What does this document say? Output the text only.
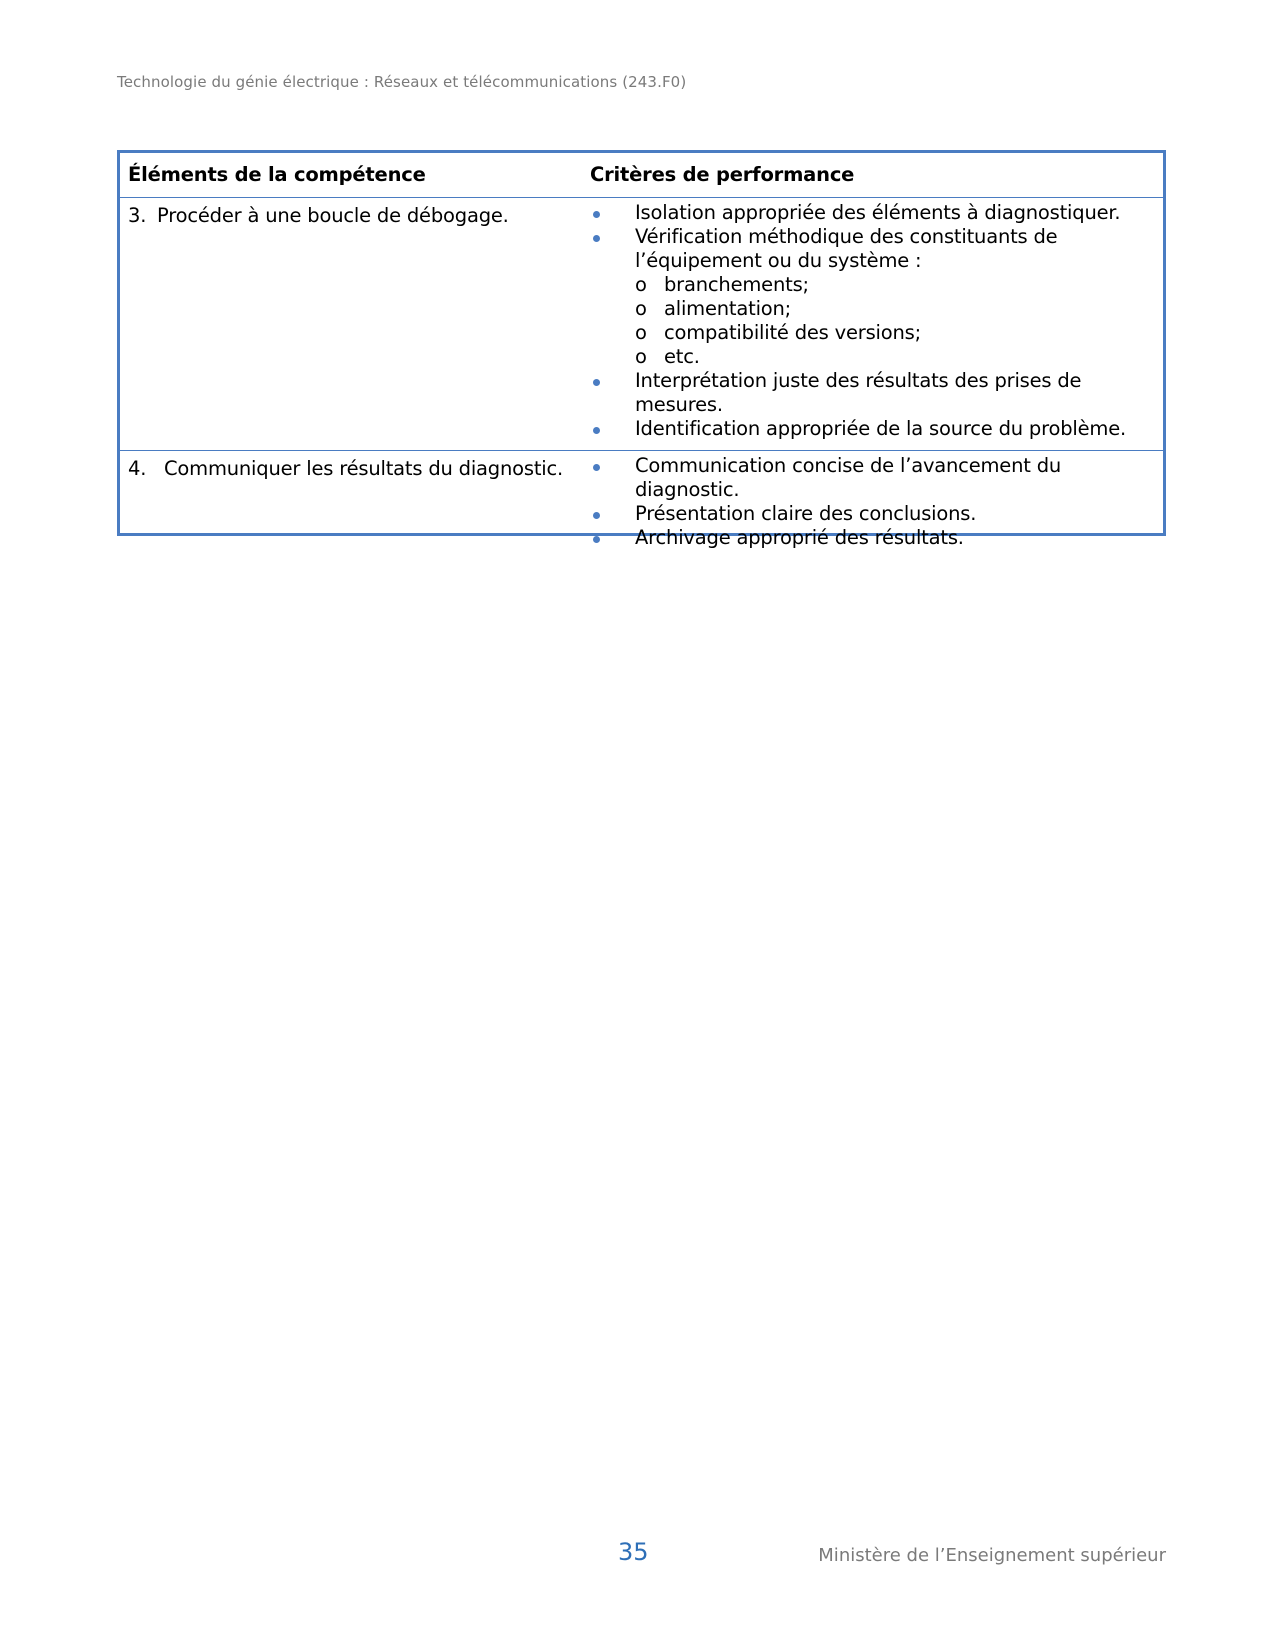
Technologie du génie électrique : Réseaux et télécommunications (243.F0)
Éléments de la compétence	Critères de performance
3. Procéder à une boucle de débogage.	Isolation appropriée des éléments à diagnostiquer.
Vérification méthodique des constituants de l’équipement ou du système :
o branchements;
o alimentation;
o compatibilité des versions;
o etc.
Interprétation juste des résultats des prises de mesures.
Identification appropriée de la source du problème.
4. Communiquer les résultats du diagnostic.	Communication concise de l’avancement du diagnostic.
Présentation claire des conclusions.
Archivage approprié des résultats.
35	Ministère de l’Enseignement supérieur
